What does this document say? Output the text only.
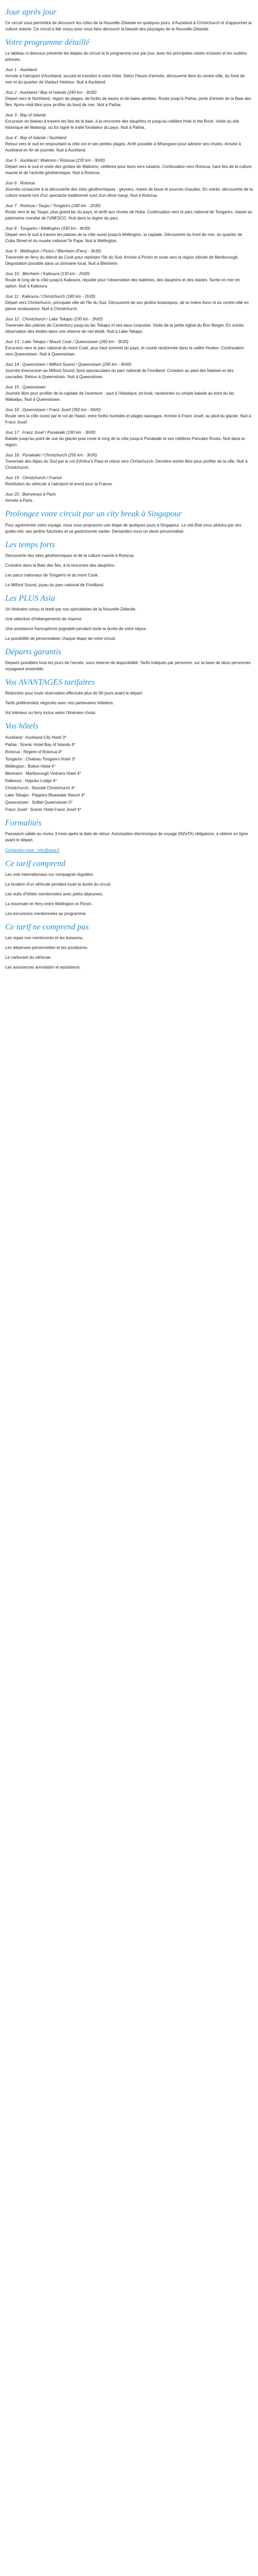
Jour après jour

Ce circuit vous permettra de découvrir les côtes de la Nouvelle-Zélande en quelques jours, d'Auckland à Christchurch et d'approcher la culture maorie. Ce circuit a été conçu pour vous faire découvrir la beauté des paysages de la Nouvelle-Zélande.

Votre programme détaillé

Le tableau ci-dessous présente les étapes du circuit et le programme jour par jour, avec les principales visites incluses et les nuitées prévues.

Jour 1 : Auckland

Arrivée à l'aéroport d'Auckland, accueil et transfert à votre hôtel. Selon l'heure d'arrivée, découverte libre du centre-ville, du front de mer et du quartier de Viaduct Harbour. Nuit à Auckland.

Jour 2 : Auckland / Bay of Islands (240 km - 3h30)

Départ vers le Northland, région de plages, de forêts de kauris et de baies abritées. Route jusqu'à Paihia, porte d'entrée de la Baie des Îles. Après-midi libre pour profiter du bord de mer. Nuit à Paihia.

Jour 3 : Bay of Islands

Excursion en bateau à travers les îles de la baie, à la rencontre des dauphins et jusqu'au célèbre Hole in the Rock. Visite du site historique de Waitangi, où fut signé le traité fondateur du pays. Nuit à Paihia.

Jour 4 : Bay of Islands / Auckland

Retour vers le sud en empruntant la côte est et ses petites plages. Arrêt possible à Whangarei pour admirer ses chutes. Arrivée à Auckland en fin de journée. Nuit à Auckland.

Jour 5 : Auckland / Waitomo / Rotorua (230 km - 3h00)

Départ vers le sud et visite des grottes de Waitomo, célèbres pour leurs vers luisants. Continuation vers Rotorua, haut lieu de la culture maorie et de l'activité géothermique. Nuit à Rotorua.

Jour 6 : Rotorua

Journée consacrée à la découverte des sites géothermiques : geysers, mares de boue et sources chaudes. En soirée, découverte de la culture maorie lors d'un spectacle traditionnel suivi d'un dîner hangi. Nuit à Rotorua.

Jour 7 : Rotorua / Taupo / Tongariro (180 km - 2h30)

Route vers le lac Taupo, plus grand lac du pays, et arrêt aux chutes de Huka. Continuation vers le parc national de Tongariro, classé au patrimoine mondial de l'UNESCO. Nuit dans la région du parc.

Jour 8 : Tongariro / Wellington (330 km - 4h30)

Départ vers le sud à travers les plaines de la côte ouest jusqu'à Wellington, la capitale. Découverte du front de mer, du quartier de Cuba Street et du musée national Te Papa. Nuit à Wellington.

Jour 9 : Wellington / Picton / Blenheim (Ferry - 3h30)

Traversée en ferry du détroit de Cook pour rejoindre l'île du Sud. Arrivée à Picton et route vers la région viticole de Marlborough. Dégustation possible dans un domaine local. Nuit à Blenheim.

Jour 10 : Blenheim / Kaikoura (130 km - 2h00)

Route le long de la côte jusqu'à Kaikoura, réputée pour l'observation des baleines, des dauphins et des otaries. Sortie en mer en option. Nuit à Kaikoura.

Jour 11 : Kaikoura / Christchurch (180 km - 2h30)

Départ vers Christchurch, principale ville de l'île du Sud. Découverte de ses jardins botaniques, de la rivière Avon et du centre-ville en pleine renaissance. Nuit à Christchurch.

Jour 12 : Christchurch / Lake Tekapo (230 km - 3h00)

Traversée des plaines de Canterbury jusqu'au lac Tekapo et ses eaux turquoise. Visite de la petite église du Bon Berger. En soirée, observation des étoiles dans une réserve de ciel étoilé. Nuit à Lake Tekapo.

Jour 13 : Lake Tekapo / Mount Cook / Queenstown (260 km - 3h30)

Excursion vers le parc national du mont Cook, plus haut sommet du pays, et courte randonnée dans la vallée Hooker. Continuation vers Queenstown. Nuit à Queenstown.

Jour 14 : Queenstown / Milford Sound / Queenstown (290 km - 4h00)

Journée d'excursion au Milford Sound, fjord spectaculaire du parc national de Fiordland. Croisière au pied des falaises et des cascades. Retour à Queenstown. Nuit à Queenstown.

Jour 15 : Queenstown

Journée libre pour profiter de la capitale de l'aventure : saut à l'élastique, jet boat, randonnée ou simple balade au bord du lac Wakatipu. Nuit à Queenstown.

Jour 16 : Queenstown / Franz Josef (350 km - 5h00)

Route vers la côte ouest par le col de Haast, entre forêts humides et plages sauvages. Arrivée à Franz Josef, au pied du glacier. Nuit à Franz Josef.

Jour 17 : Franz Josef / Punakaiki (190 km - 3h00)

Balade jusqu'au point de vue du glacier puis route le long de la côte jusqu'à Punakaiki et ses célèbres Pancake Rocks. Nuit dans la région.

Jour 18 : Punakaiki / Christchurch (250 km - 3h30)

Traversée des Alpes du Sud par le col d'Arthur's Pass et retour vers Christchurch. Dernière soirée libre pour profiter de la ville. Nuit à Christchurch.

Jour 19 : Christchurch / France

Restitution du véhicule à l'aéroport et envol pour la France.

Jour 20 : Bienvenue à Paris

Arrivée à Paris.

Prolongez votre circuit par un city break à Singapour

Pour agrémenter votre voyage, nous vous proposons une étape de quelques jours à Singapour. La cité-État vous séduira par ses gratte-ciel, ses jardins futuristes et sa gastronomie variée. Demandez-nous un devis personnalisé.

Les temps forts

Découverte des sites géothermiques et de la culture maorie à Rotorua.

Croisière dans la Baie des Îles, à la rencontre des dauphins.

Les parcs nationaux de Tongariro et du mont Cook.

Le Milford Sound, joyau du parc national de Fiordland.

Les PLUS Asia

Un itinéraire conçu et testé par nos spécialistes de la Nouvelle-Zélande.

Une sélection d'hébergements de charme.

Une assistance francophone joignable pendant toute la durée de votre séjour.

La possibilité de personnaliser chaque étape de votre circuit.

Départs garantis

Départs possibles tous les jours de l'année, sous réserve de disponibilité. Tarifs indiqués par personne, sur la base de deux personnes voyageant ensemble.

Vos AVANTAGES tarifaires

Réduction pour toute réservation effectuée plus de 90 jours avant le départ.

Tarifs préférentiels négociés avec nos partenaires hôteliers.

Vol intérieur ou ferry inclus selon l'itinéraire choisi.

Vos hôtels

Auckland : Auckland City Hotel 3*

Paihia : Scenic Hotel Bay of Islands 4*

Rotorua : Regent of Rotorua 4*

Tongariro : Chateau Tongariro Hotel 3*

Wellington : Bolton Hotel 4*

Blenheim : Marlborough Vintners Hotel 4*

Kaikoura : Hapuku Lodge 4*

Christchurch : Novotel Christchurch 4*

Lake Tekapo : Peppers Bluewater Resort 4*

Queenstown : Sofitel Queenstown 5*

Franz Josef : Scenic Hotel Franz Josef 4*

Formalités

Passeport valide au moins 3 mois après la date de retour. Autorisation électronique de voyage (NZeTA) obligatoire, à obtenir en ligne avant le départ.

Contactez-nous : info@asia.fr

Ce tarif comprend

Les vols internationaux sur compagnie régulière.

La location d'un véhicule pendant toute la durée du circuit.

Les nuits d'hôtels mentionnées avec petits-déjeuners.

La traversée en ferry entre Wellington et Picton.

Les excursions mentionnées au programme.

Ce tarif ne comprend pas

Les repas non mentionnés et les boissons.

Les dépenses personnelles et les pourboires.

Le carburant du véhicule.

Les assurances annulation et assistance.
